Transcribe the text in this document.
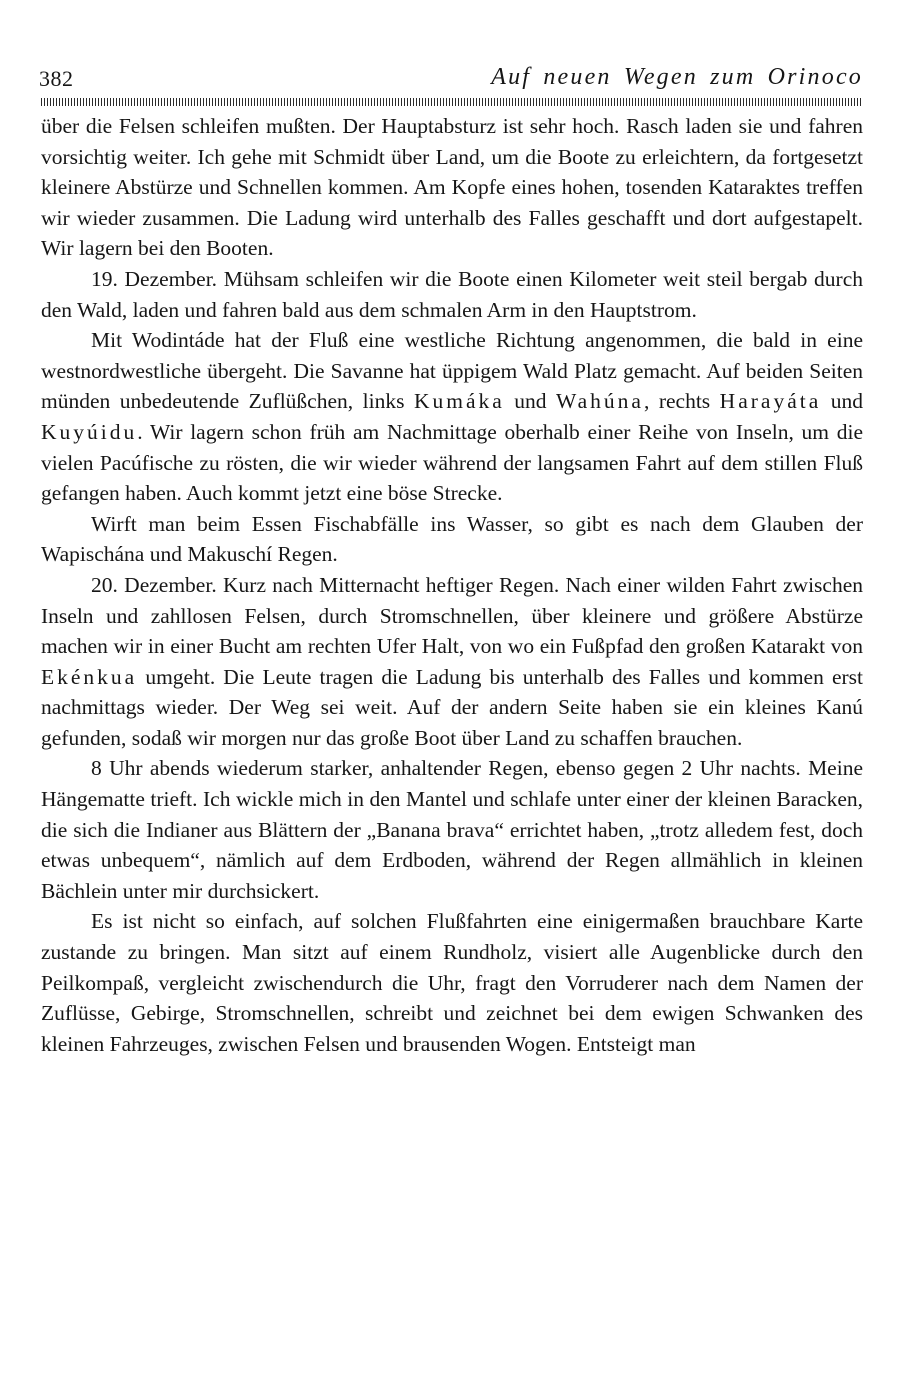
382	Auf neuen Wegen zum Orinoco

über die Felsen schleifen mußten. Der Hauptabsturz ist sehr hoch. Rasch laden sie und fahren vorsichtig weiter. Ich gehe mit Schmidt über Land, um die Boote zu erleichtern, da fortgesetzt kleinere Abstürze und Schnellen kommen. Am Kopfe eines hohen, tosenden Kataraktes treffen wir wieder zusammen. Die Ladung wird unterhalb des Falles geschafft und dort aufgestapelt. Wir lagern bei den Booten.

19. Dezember. Mühsam schleifen wir die Boote einen Kilometer weit steil bergab durch den Wald, laden und fahren bald aus dem schmalen Arm in den Hauptstrom.

Mit Wodintáde hat der Fluß eine westliche Richtung angenommen, die bald in eine westnordwestliche übergeht. Die Savanne hat üppigem Wald Platz gemacht. Auf beiden Seiten münden unbedeutende Zuflüßchen, links Kumáka und Wahúna, rechts Harayáta und Kuyúidu. Wir lagern schon früh am Nachmittage oberhalb einer Reihe von Inseln, um die vielen Pacúfische zu rösten, die wir wieder während der langsamen Fahrt auf dem stillen Fluß gefangen haben. Auch kommt jetzt eine böse Strecke.

Wirft man beim Essen Fischabfälle ins Wasser, so gibt es nach dem Glauben der Wapischána und Makuschí Regen.

20. Dezember. Kurz nach Mitternacht heftiger Regen. Nach einer wilden Fahrt zwischen Inseln und zahllosen Felsen, durch Stromschnellen, über kleinere und größere Abstürze machen wir in einer Bucht am rechten Ufer Halt, von wo ein Fußpfad den großen Katarakt von Ekénkua umgeht. Die Leute tragen die Ladung bis unterhalb des Falles und kommen erst nachmittags wieder. Der Weg sei weit. Auf der andern Seite haben sie ein kleines Kanú gefunden, sodaß wir morgen nur das große Boot über Land zu schaffen brauchen.

8 Uhr abends wiederum starker, anhaltender Regen, ebenso gegen 2 Uhr nachts. Meine Hängematte trieft. Ich wickle mich in den Mantel und schlafe unter einer der kleinen Baracken, die sich die Indianer aus Blättern der „Banana brava“ errichtet haben, „trotz alledem fest, doch etwas unbequem“, nämlich auf dem Erdboden, während der Regen allmählich in kleinen Bächlein unter mir durchsickert.

Es ist nicht so einfach, auf solchen Flußfahrten eine einigermaßen brauchbare Karte zustande zu bringen. Man sitzt auf einem Rundholz, visiert alle Augenblicke durch den Peilkompaß, vergleicht zwischendurch die Uhr, fragt den Vorruderer nach dem Namen der Zuflüsse, Gebirge, Stromschnellen, schreibt und zeichnet bei dem ewigen Schwanken des kleinen Fahrzeuges, zwischen Felsen und brausenden Wogen. Entsteigt man
